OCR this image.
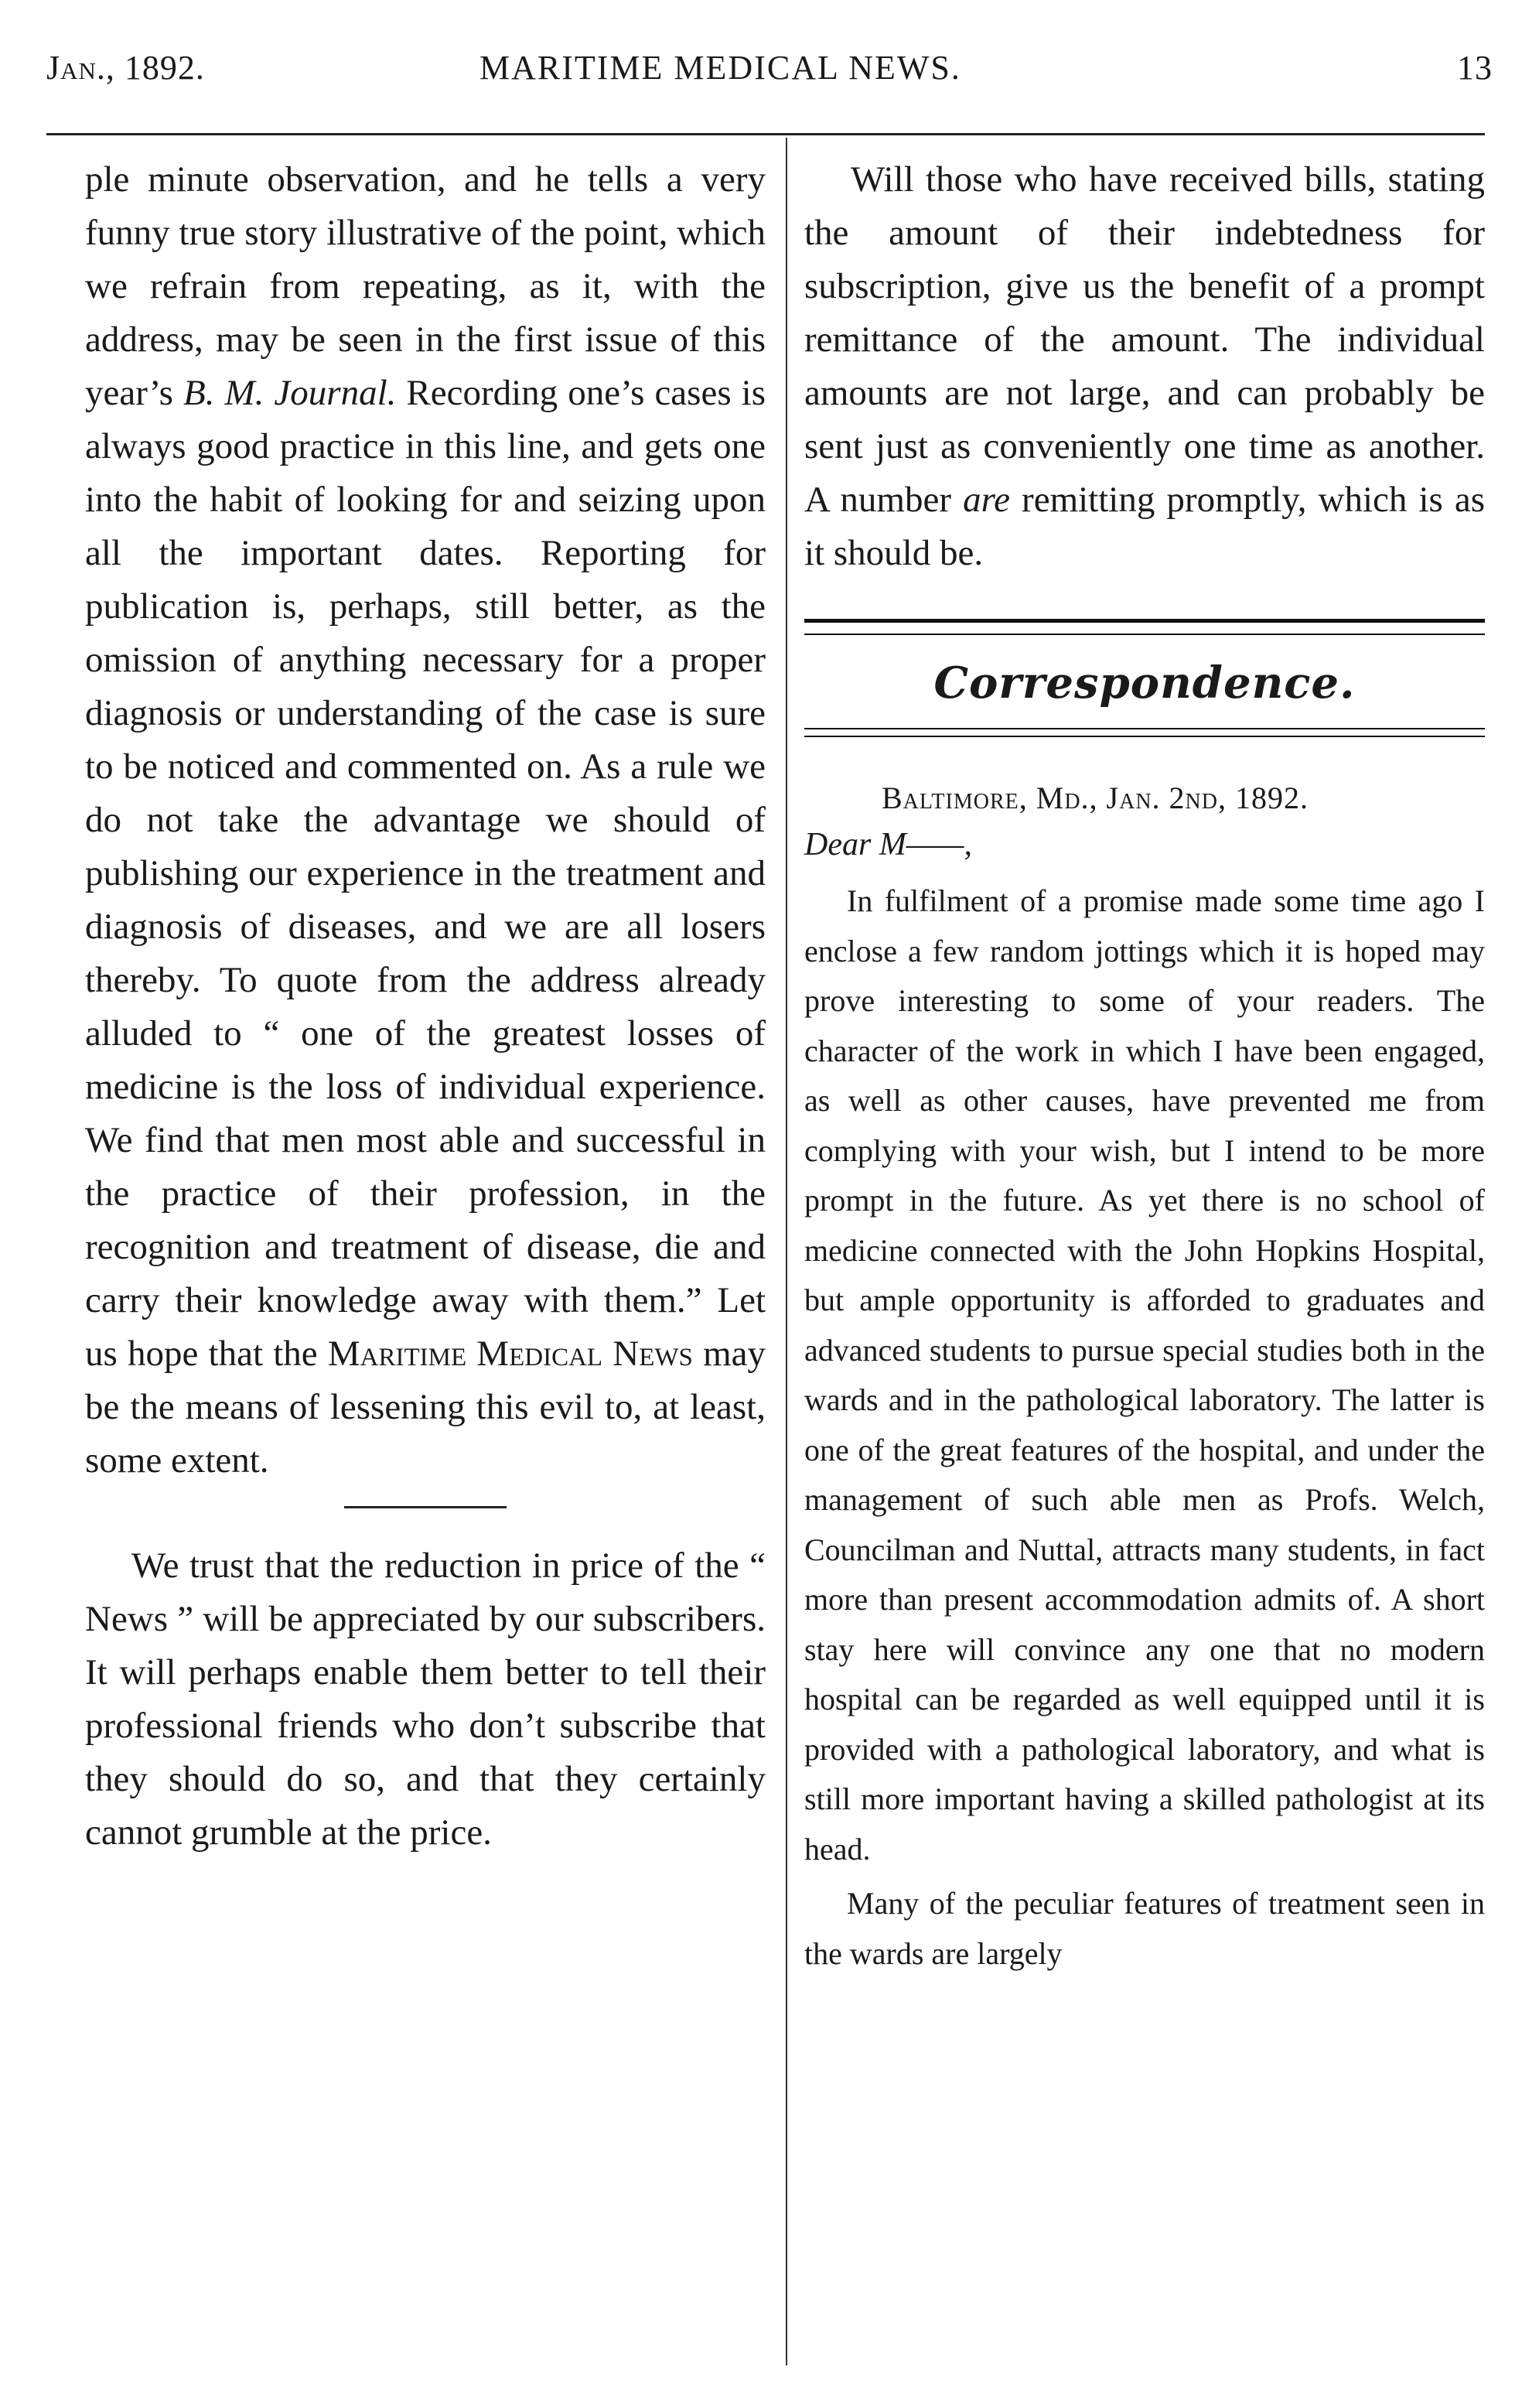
Jan., 1892.	MARITIME MEDICAL NEWS.	13

ple minute observation, and he tells a very funny true story illustrative of the point, which we refrain from repeating, as it, with the address, may be seen in the first issue of this year’s B. M. Journal. Recording one’s cases is always good practice in this line, and gets one into the habit of looking for and seizing upon all the important dates. Reporting for publication is, perhaps, still better, as the omission of anything necessary for a proper diagnosis or understanding of the case is sure to be noticed and commented on. As a rule we do not take the advantage we should of publishing our experience in the treatment and diagnosis of diseases, and we are all losers thereby. To quote from the address already alluded to “ one of the greatest losses of medicine is the loss of individual experience. We find that men most able and successful in the practice of their profession, in the recognition and treatment of disease, die and carry their knowledge away with them.” Let us hope that the Maritime Medical News may be the means of lessening this evil to, at least, some extent.

We trust that the reduction in price of the “ News ” will be appreciated by our subscribers. It will perhaps enable them better to tell their professional friends who don’t subscribe that they should do so, and that they certainly cannot grumble at the price.

Will those who have received bills, stating the amount of their indebtedness for subscription, give us the benefit of a prompt remittance of the amount. The individual amounts are not large, and can probably be sent just as conveniently one time as another. A number are remitting promptly, which is as it should be.

Correspondence.

Baltimore, Md., Jan. 2nd, 1892.

Dear M——,

In fulfilment of a promise made some time ago I enclose a few random jottings which it is hoped may prove interesting to some of your readers. The character of the work in which I have been engaged, as well as other causes, have prevented me from complying with your wish, but I intend to be more prompt in the future. As yet there is no school of medicine connected with the John Hopkins Hospital, but ample opportunity is afforded to graduates and advanced students to pursue special studies both in the wards and in the pathological laboratory. The latter is one of the great features of the hospital, and under the management of such able men as Profs. Welch, Councilman and Nuttal, attracts many students, in fact more than present accommodation admits of. A short stay here will convince any one that no modern hospital can be regarded as well equipped until it is provided with a pathological laboratory, and what is still more important having a skilled pathologist at its head.

Many of the peculiar features of treatment seen in the wards are largely
